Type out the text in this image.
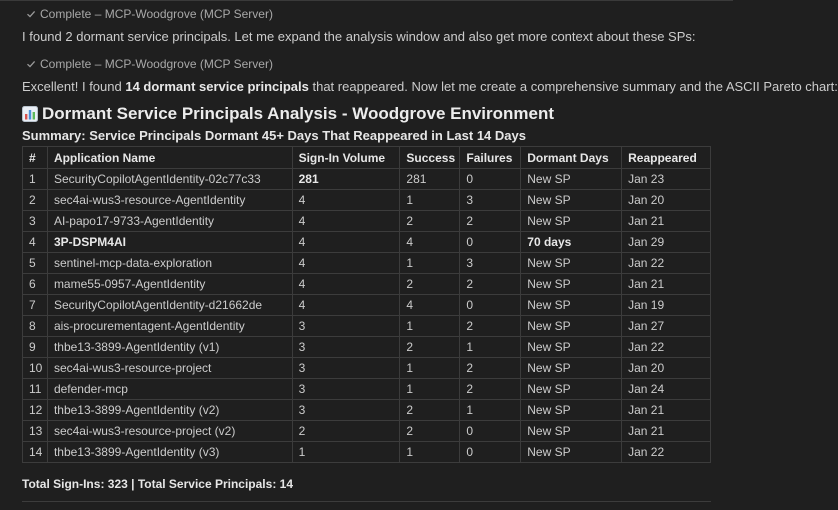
Complete – MCP-Woodgrove (MCP Server)
I found 2 dormant service principals. Let me expand the analysis window and also get more context about these SPs:
Complete – MCP-Woodgrove (MCP Server)
Excellent! I found 14 dormant service principals that reappeared. Now let me create a comprehensive summary and the ASCII Pareto chart:
Dormant Service Principals Analysis - Woodgrove Environment
Summary: Service Principals Dormant 45+ Days That Reappeared in Last 14 Days
#	Application Name	Sign-In Volume	Success	Failures	Dormant Days	Reappeared
1	SecurityCopilotAgentIdentity-02c77c33	281	281	0	New SP	Jan 23
2	sec4ai-wus3-resource-AgentIdentity	4	1	3	New SP	Jan 20
3	AI-papo17-9733-AgentIdentity	4	2	2	New SP	Jan 21
4	3P-DSPM4AI	4	4	0	70 days	Jan 29
5	sentinel-mcp-data-exploration	4	1	3	New SP	Jan 22
6	mame55-0957-AgentIdentity	4	2	2	New SP	Jan 21
7	SecurityCopilotAgentIdentity-d21662de	4	4	0	New SP	Jan 19
8	ais-procurementagent-AgentIdentity	3	1	2	New SP	Jan 27
9	thbe13-3899-AgentIdentity (v1)	3	2	1	New SP	Jan 22
10	sec4ai-wus3-resource-project	3	1	2	New SP	Jan 20
11	defender-mcp	3	1	2	New SP	Jan 24
12	thbe13-3899-AgentIdentity (v2)	3	2	1	New SP	Jan 21
13	sec4ai-wus3-resource-project (v2)	2	2	0	New SP	Jan 21
14	thbe13-3899-AgentIdentity (v3)	1	1	0	New SP	Jan 22
Total Sign-Ins: 323 | Total Service Principals: 14
